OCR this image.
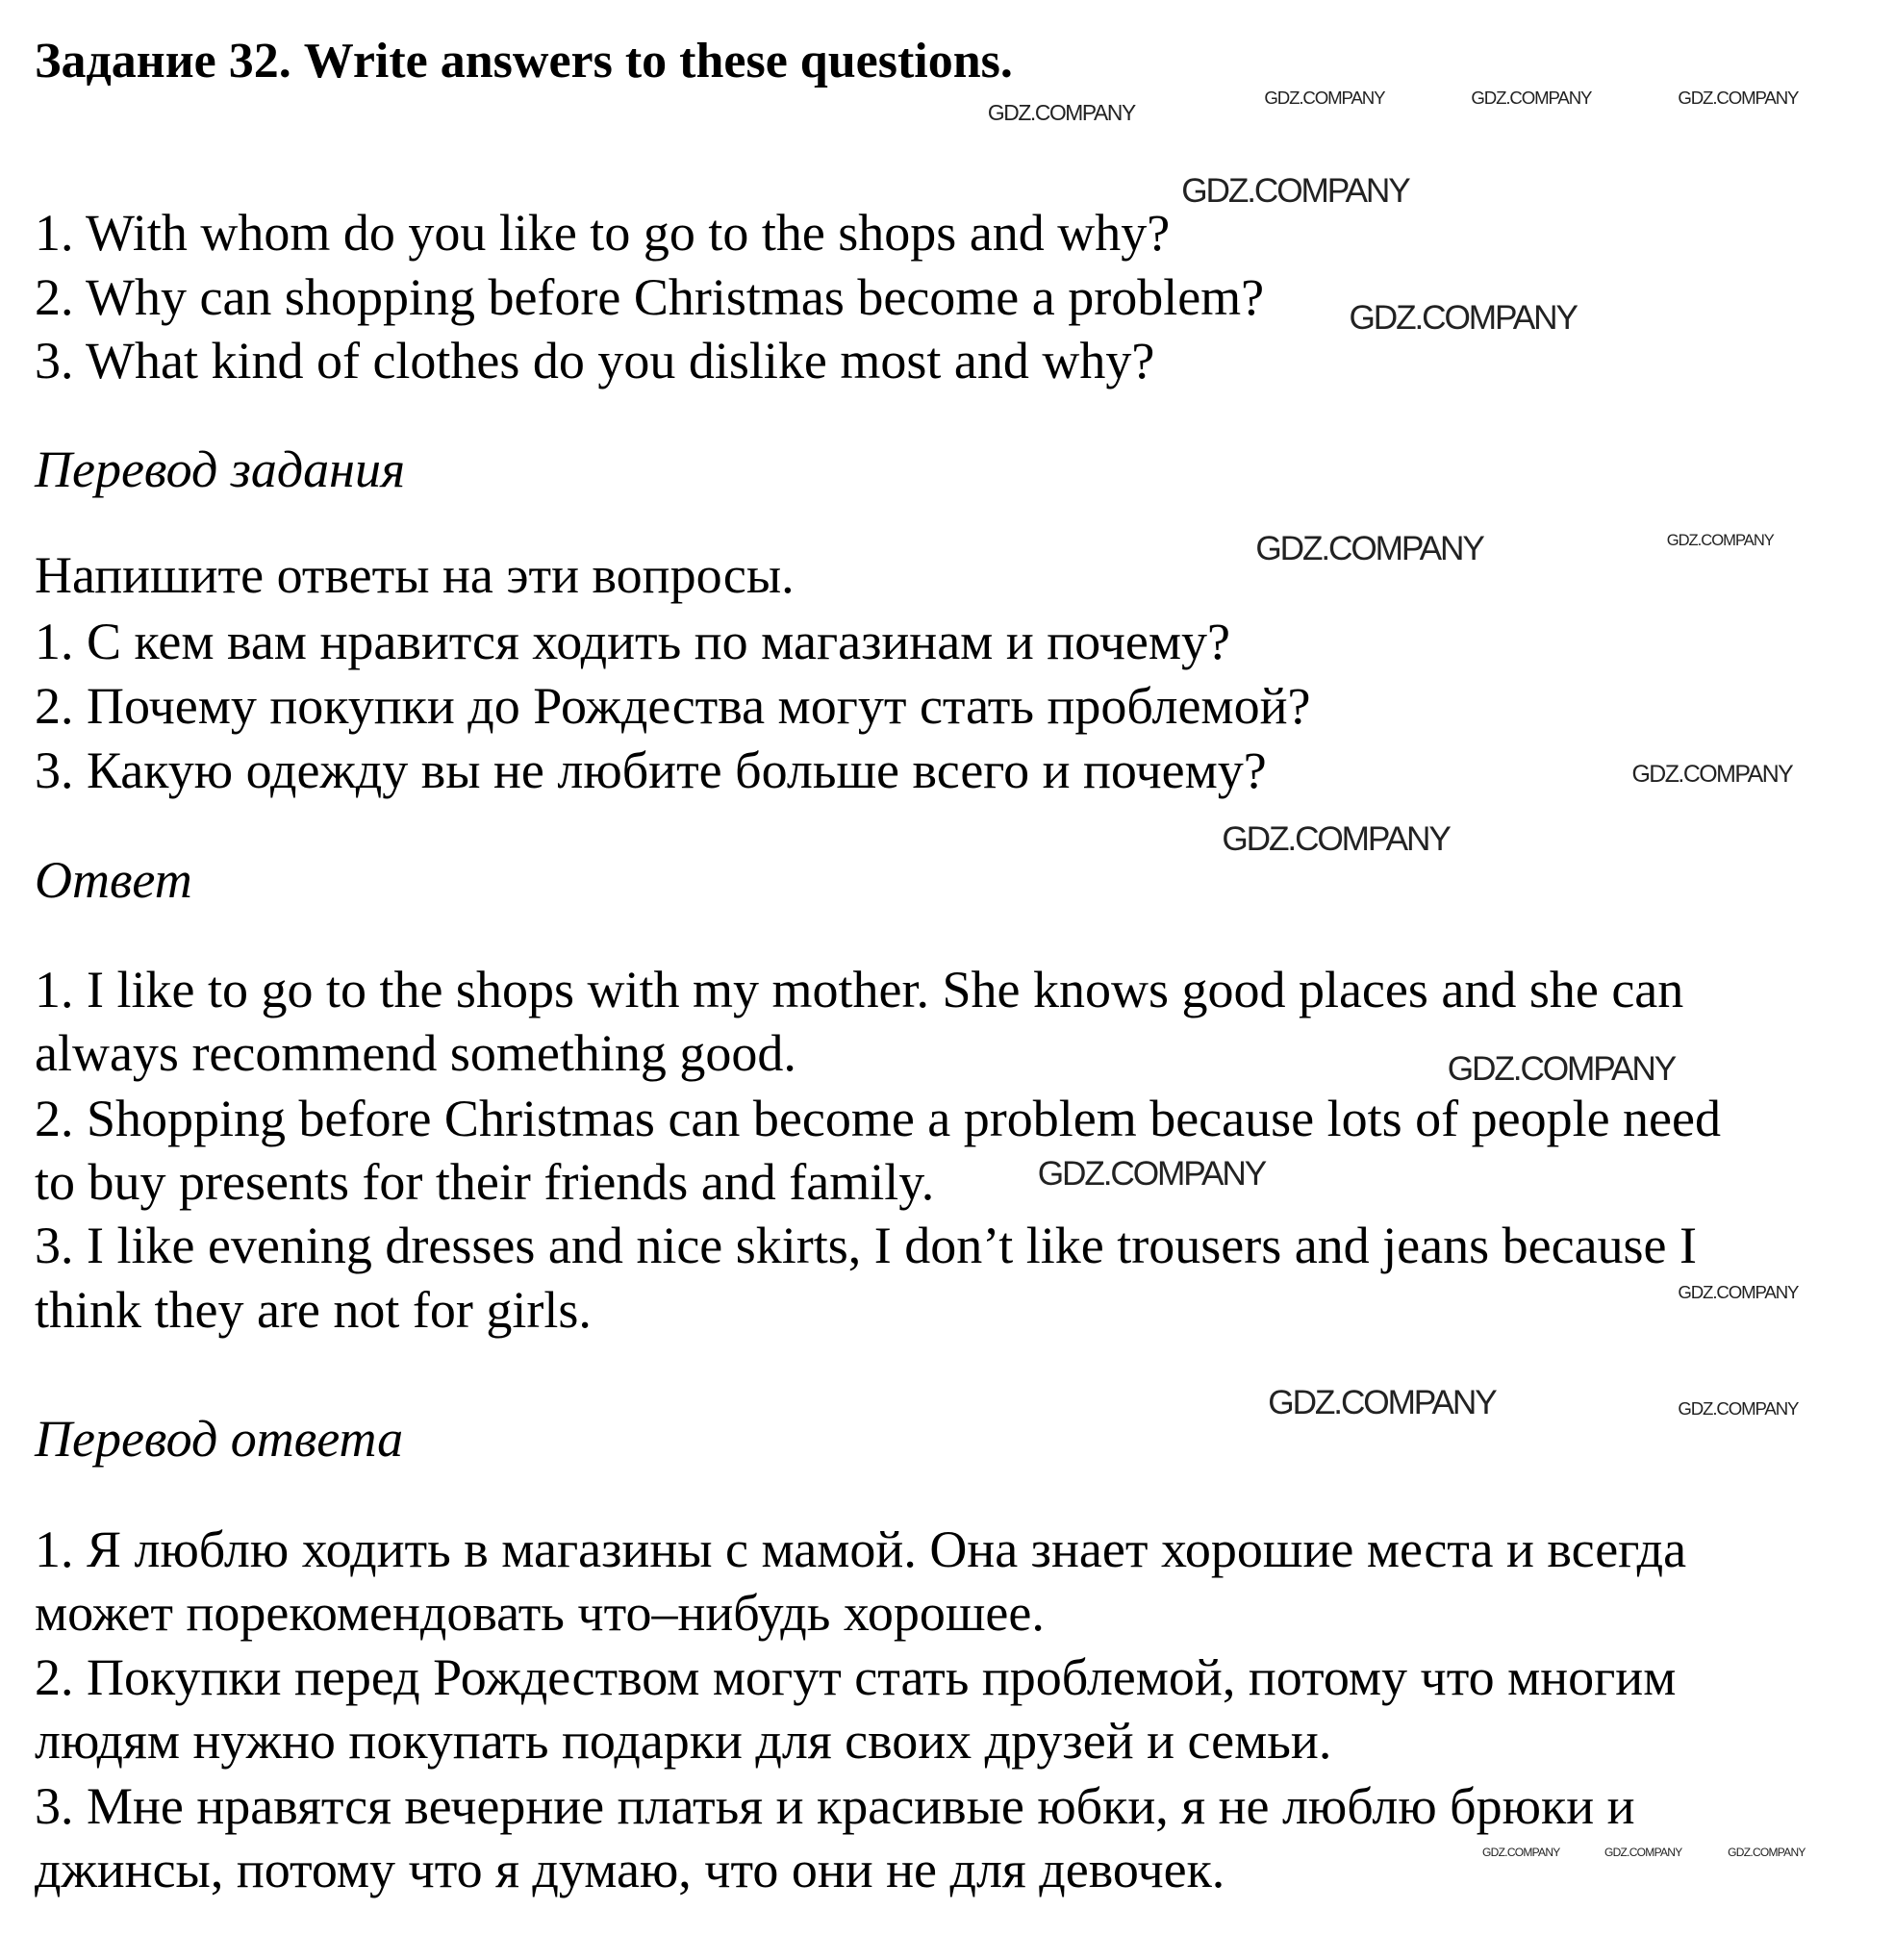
Задание 32. Write answers to these questions.
1. With whom do you like to go to the shops and why?
2. Why can shopping before Christmas become a problem?
3. What kind of clothes do you dislike most and why?
Перевод задания
Напишите ответы на эти вопросы.
1. С кем вам нравится ходить по магазинам и почему?
2. Почему покупки до Рождества могут стать проблемой?
3. Какую одежду вы не любите больше всего и почему?
Ответ
1. I like to go to the shops with my mother. She knows good places and she can
always recommend something good.
2. Shopping before Christmas can become a problem because lots of people need
to buy presents for their friends and family.
3. I like evening dresses and nice skirts, I don’t like trousers and jeans because I
think they are not for girls.
Перевод ответа
1. Я люблю ходить в магазины с мамой. Она знает хорошие места и всегда
может порекомендовать что–нибудь хорошее.
2. Покупки перед Рождеством могут стать проблемой, потому что многим
людям нужно покупать подарки для своих друзей и семьи.
3. Мне нравятся вечерние платья и красивые юбки, я не люблю брюки и
джинсы, потому что я думаю, что они не для девочек.
GDZ.COMPANY
GDZ.COMPANY	GDZ.COMPANY	GDZ.COMPANY
GDZ.COMPANY
GDZ.COMPANY
GDZ.COMPANY
GDZ.COMPANY
GDZ.COMPANY
GDZ.COMPANY
GDZ.COMPANY
GDZ.COMPANY
GDZ.COMPANY
GDZ.COMPANY	GDZ.COMPANY
GDZ.COMPANY	GDZ.COMPANY	GDZ.COMPANY
